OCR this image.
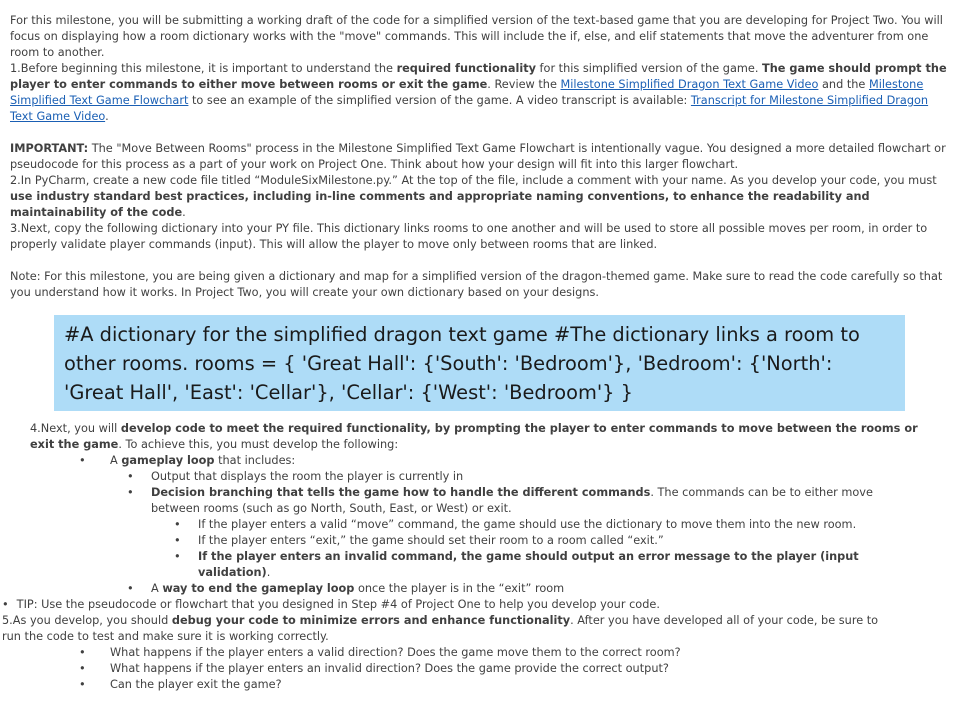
For this milestone, you will be submitting a working draft of the code for a simplified version of the text-based game that you are developing for Project Two. You will focus on displaying how a room dictionary works with the "move" commands. This will include the if, else, and elif statements that move the adventurer from one room to another.

1.Before beginning this milestone, it is important to understand the required functionality for this simplified version of the game. The game should prompt the player to enter commands to either move between rooms or exit the game. Review the Milestone Simplified Dragon Text Game Video and the Milestone Simplified Text Game Flowchart to see an example of the simplified version of the game. A video transcript is available: Transcript for Milestone Simplified Dragon Text Game Video.

IMPORTANT: The "Move Between Rooms" process in the Milestone Simplified Text Game Flowchart is intentionally vague. You designed a more detailed flowchart or pseudocode for this process as a part of your work on Project One. Think about how your design will fit into this larger flowchart.

2.In PyCharm, create a new code file titled “ModuleSixMilestone.py.” At the top of the file, include a comment with your name. As you develop your code, you must use industry standard best practices, including in-line comments and appropriate naming conventions, to enhance the readability and maintainability of the code.

3.Next, copy the following dictionary into your PY file. This dictionary links rooms to one another and will be used to store all possible moves per room, in order to properly validate player commands (input). This will allow the player to move only between rooms that are linked.

Note: For this milestone, you are being given a dictionary and map for a simplified version of the dragon-themed game. Make sure to read the code carefully so that you understand how it works. In Project Two, you will create your own dictionary based on your designs.

#A dictionary for the simplified dragon text game #The dictionary links a room to other rooms. rooms = { 'Great Hall': {'South': 'Bedroom'}, 'Bedroom': {'North': 'Great Hall', 'East': 'Cellar'}, 'Cellar': {'West': 'Bedroom'} }

4.Next, you will develop code to meet the required functionality, by prompting the player to enter commands to move between the rooms or exit the game. To achieve this, you must develop the following:

• A gameplay loop that includes:
• Output that displays the room the player is currently in
• Decision branching that tells the game how to handle the different commands. The commands can be to either move between rooms (such as go North, South, East, or West) or exit.
• If the player enters a valid “move” command, the game should use the dictionary to move them into the new room.
• If the player enters “exit,” the game should set their room to a room called “exit.”
• If the player enters an invalid command, the game should output an error message to the player (input validation).
• A way to end the gameplay loop once the player is in the “exit” room

• TIP: Use the pseudocode or flowchart that you designed in Step #4 of Project One to help you develop your code.

5.As you develop, you should debug your code to minimize errors and enhance functionality. After you have developed all of your code, be sure to run the code to test and make sure it is working correctly.

• What happens if the player enters a valid direction? Does the game move them to the correct room?
• What happens if the player enters an invalid direction? Does the game provide the correct output?
• Can the player exit the game?
